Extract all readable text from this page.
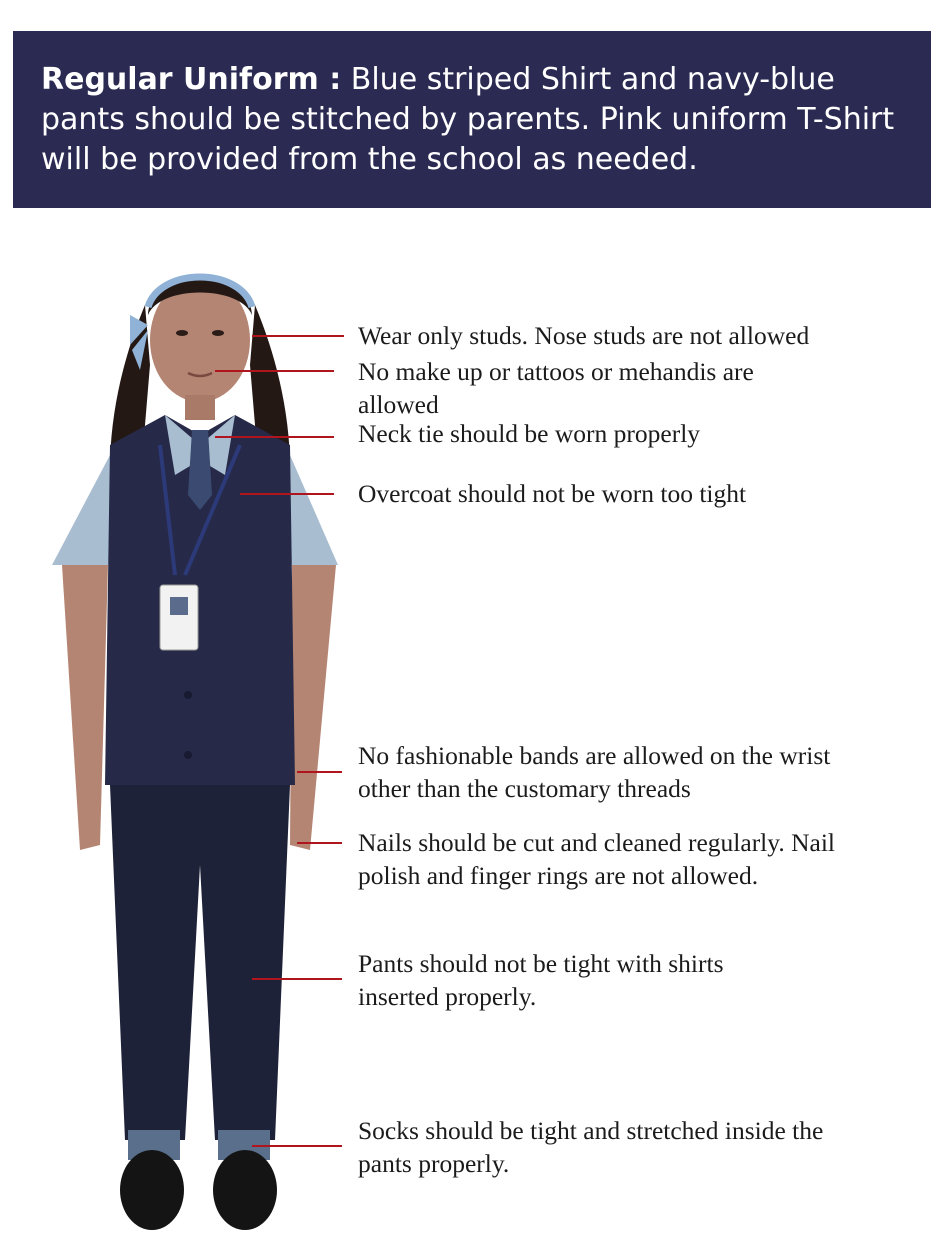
Regular Uniform : Blue striped Shirt and navy-blue pants should be stitched by parents. Pink uniform T-Shirt will be provided from the school as needed.
Wear only studs. Nose studs are not allowed
No make up or tattoos or mehandis are allowed
Neck tie should be worn properly
Overcoat should not be worn too tight
No fashionable bands are allowed on the wrist other than the customary threads
Nails should be cut and cleaned regularly. Nail polish and finger rings are not allowed.
Pants should not be tight with shirts inserted properly.
Socks should be tight and stretched inside the pants properly.
